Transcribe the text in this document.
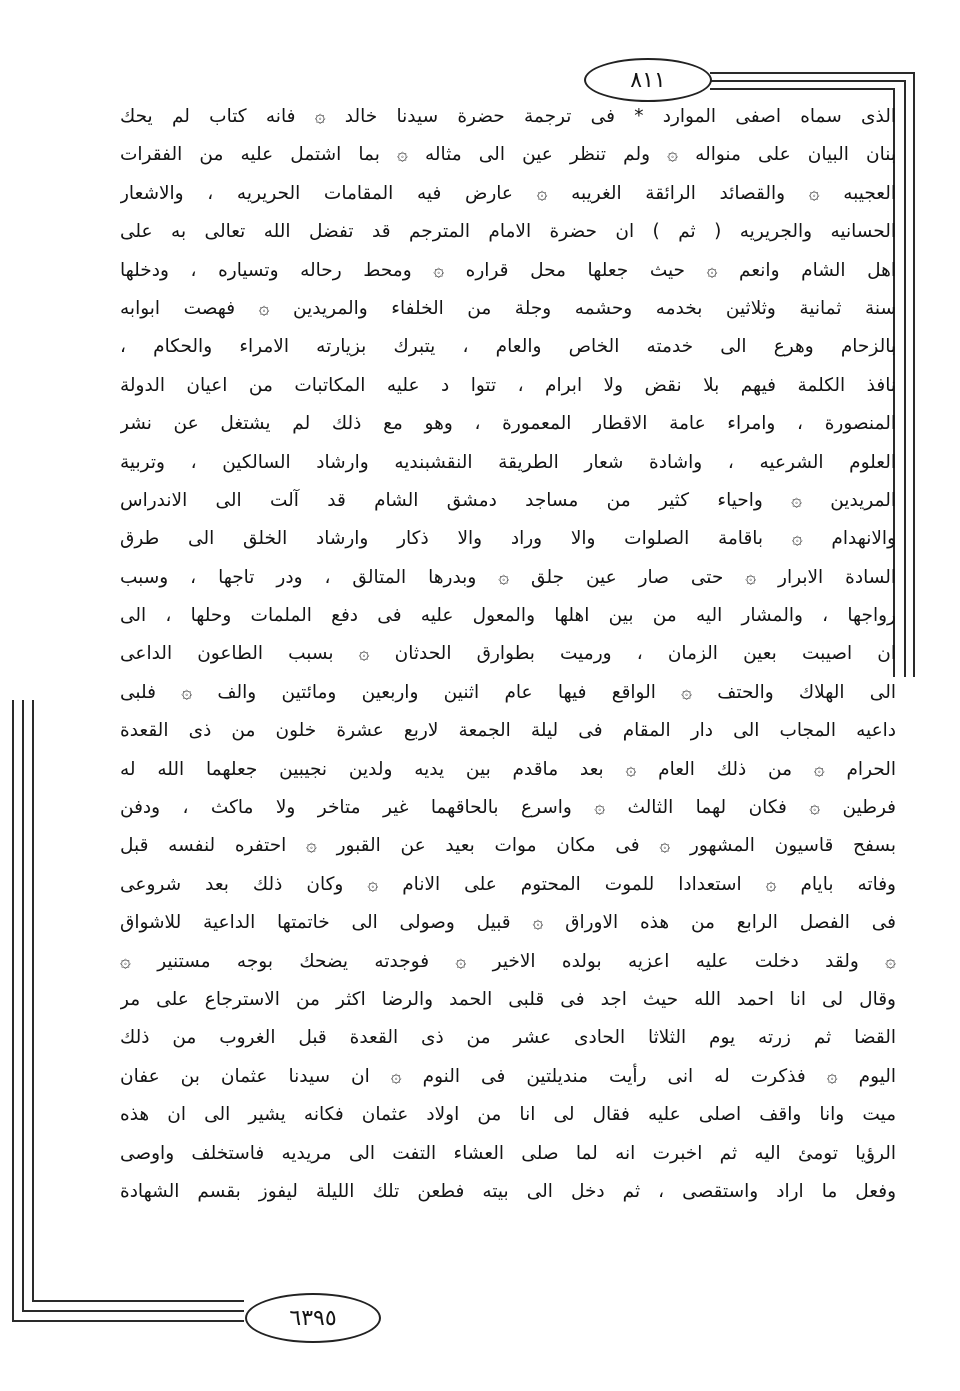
٨١١
٦٣٩٥
الذى سماه اصفى الموارد * فى ترجمة حضرة سيدنا خالد ۞ فانه كتاب لم يحك
بنان البيان على منواله ۞ ولم تنظر عين الى مثاله ۞ بما اشتمل عليه من الفقرات
العجيبه ۞ والقصائد الرائقة الغريبه ۞ عارض فيه المقامات الحريريه ، والاشعار
الحسانيه والجريريه ( ثم ) ان حضرة الامام المترجم قد تفضل الله تعالى به على
اهل الشام وانعم ۞ حيث جعلها محل قراره ۞ ومحط رحاله وتسياره ، ودخلها
سنة ثمانية وثلاثين بخدمه وحشمه وجلة من الخلفاء والمريدين ۞ فهصت ابوابه
بالزحام وهرع الى خدمته الخاص والعام ، يتبرك بزيارته الامراء والحكام ،
نافذ الكلمة فيهم بلا نقض ولا ابرام ، تتوا د عليه المكاتبات من اعيان الدولة
المنصورة ، وامراء عامة الاقطار المعمورة ، وهو مع ذلك لم يشتغل عن نشر
العلوم الشرعيه ، واشادة شعار الطريقة النقشبنديه وارشاد السالكين ، وتربية
المريدين ۞ واحياء كثير من مساجد دمشق الشام قد آلت الى الاندراس
والانهدام ۞ باقامة الصلوات والا وراد والا ذكار وارشاد الخلق الى طرق
السادة الابرار ۞ حتى صار عين جلق ۞ وبدرها المتالق ، ودر تاجها ، وسبب
رواجها ، والمشار اليه من بين اهلها والمعول عليه فى دفع الملمات وحلها ، الى
ان اصيبت بعين الزمان ، ورميت بطوارق الحدثان ۞ بسبب الطاعون الداعى
الى الهلاك والحتف ۞ الواقع فيها عام اثنين واربعين ومائتين والف ۞ فلبى
داعيه المجاب الى دار المقام فى ليلة الجمعة لاربع عشرة خلون من ذى القعدة
الحرام ۞ من ذلك العام ۞ بعد ماقدم بين يديه ولدين نجيبين جعلهما الله له
فرطين ۞ فكان لهما الثالث ۞ واسرع بالحاقهما غير متاخر ولا ماكث ، ودفن
بسفح قاسيون المشهور ۞ فى مكان موات بعيد عن القبور ۞ احتفره لنفسه قبل
وفاته بايام ۞ استعدادا للموت المحتوم على الانام ۞ وكان ذلك بعد شروعى
فى الفصل الرابع من هذه الاوراق ۞ قبيل وصولى الى خاتمتها الداعية للاشواق
۞ ولقد دخلت عليه اعزيه بولده الاخير ۞ فوجدته يضحك بوجه مستنير ۞
وقال لى انا احمد الله حيث اجد فى قلبى الحمد والرضا اكثر من الاسترجاع على مر
القضا ثم زرته يوم الثلاثا الحادى عشر من ذى القعدة قبل الغروب من ذلك
اليوم ۞ فذكرت له انى رأيت منديلتين فى النوم ۞ ان سيدنا عثمان بن عفان
ميت وانا واقف اصلى عليه فقال لى انا من اولاد عثمان فكانه يشير الى ان هذه
الرؤيا تومئ اليه ثم اخبرت انه لما صلى العشاء التفت الى مريديه فاستخلف واوصى
وفعل ما اراد واستقصى ، ثم دخل الى بيته فطعن تلك الليلة ليفوز بقسم الشهادة
